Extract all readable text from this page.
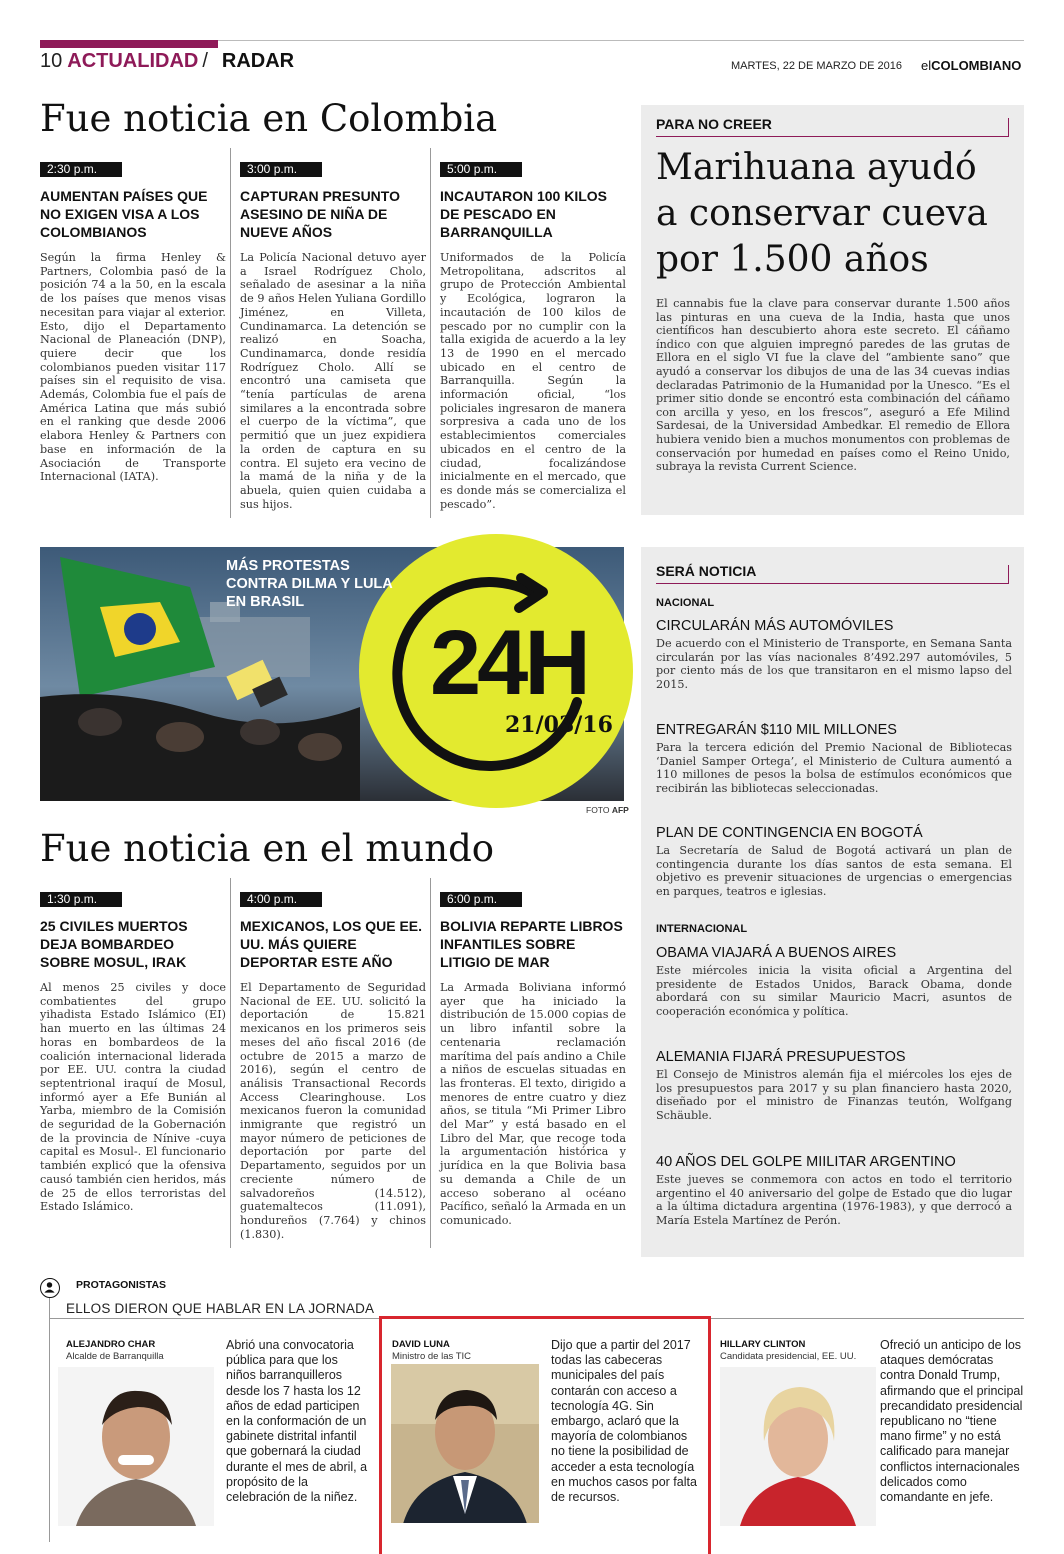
10 ACTUALIDAD / RADAR	MARTES, 22 DE MARZO DE 2016 elCOLOMBIANO
Fue noticia en Colombia
2:30 p.m.
AUMENTAN PAÍSES QUE NO EXIGEN VISA A LOS COLOMBIANOS
Según la firma Henley & Partners, Colombia pasó de la posición 74 a la 50, en la escala de los países que menos visas necesitan para viajar al exterior. Esto, dijo el Departamento Nacional de Planeación (DNP), quiere decir que los colombianos pueden visitar 117 países sin el requisito de visa. Además, Colombia fue el país de América Latina que más subió en el ranking que desde 2006 elabora Henley & Partners con base en información de la Asociación de Transporte Internacional (IATA).
3:00 p.m.
CAPTURAN PRESUNTO ASESINO DE NIÑA DE NUEVE AÑOS
La Policía Nacional detuvo ayer a Israel Rodríguez Cholo, señalado de asesinar a la niña de 9 años Helen Yuliana Gordillo Jiménez, en Villeta, Cundinamarca. La detención se realizó en Soacha, Cundinamarca, donde residía Rodríguez Cholo. Allí se encontró una camiseta que “tenía partículas de arena similares a la encontrada sobre el cuerpo de la víctima”, que permitió que un juez expidiera la orden de captura en su contra. El sujeto era vecino de la mamá de la niña y de la abuela, quien quien cuidaba a sus hijos.
5:00 p.m.
INCAUTARON 100 KILOS DE PESCADO EN BARRANQUILLA
Uniformados de la Policía Metropolitana, adscritos al grupo de Protección Ambiental y Ecológica, lograron la incautación de 100 kilos de pescado por no cumplir con la talla exigida de acuerdo a la ley 13 de 1990 en el mercado ubicado en el centro de Barranquilla. Según la información oficial, “los policiales ingresaron de manera sorpresiva a cada uno de los establecimientos comerciales ubicados en el centro de la ciudad, focalizándose inicialmente en el mercado, que es donde más se comercializa el pescado”.
PARA NO CREER
Marihuana ayudó a conservar cueva por 1.500 años
El cannabis fue la clave para conservar durante 1.500 años las pinturas en una cueva de la India, hasta que unos científicos han descubierto ahora este secreto. El cáñamo índico con que alguien impregnó paredes de las grutas de Ellora en el siglo VI fue la clave del “ambiente sano” que ayudó a conservar los dibujos de una de las 34 cuevas indias declaradas Patrimonio de la Humanidad por la Unesco. “Es el primer sitio donde se encontró esta combinación del cáñamo con arcilla y yeso, en los frescos”, aseguró a Efe Milind Sardesai, de la Universidad Ambedkar. El remedio de Ellora hubiera venido bien a muchos monumentos con problemas de conservación por humedad en países como el Reino Unido, subraya la revista Current Science.
24H
21/03/16
MÁS PROTESTAS CONTRA DILMA Y LULA EN BRASIL
FOTO AFP
SERÁ NOTICIA
NACIONAL
CIRCULARÁN MÁS AUTOMÓVILES
De acuerdo con el Ministerio de Transporte, en Semana Santa circularán por las vías nacionales 8’492.297 automóviles, 5 por ciento más de los que transitaron en el mismo lapso del 2015.
ENTREGARÁN $110 MIL MILLONES
Para la tercera edición del Premio Nacional de Bibliotecas ‘Daniel Samper Ortega’, el Ministerio de Cultura aumentó a 110 millones de pesos la bolsa de estímulos económicos que recibirán las bibliotecas seleccionadas.
PLAN DE CONTINGENCIA EN BOGOTÁ
La Secretaría de Salud de Bogotá activará un plan de contingencia durante los días santos de esta semana. El objetivo es prevenir situaciones de urgencias o emergencias en parques, teatros e iglesias.
INTERNACIONAL
OBAMA VIAJARÁ A BUENOS AIRES
Este miércoles inicia la visita oficial a Argentina del presidente de Estados Unidos, Barack Obama, donde abordará con su similar Mauricio Macri, asuntos de cooperación económica y política.
ALEMANIA FIJARÁ PRESUPUESTOS
El Consejo de Ministros alemán fija el miércoles los ejes de los presupuestos para 2017 y su plan financiero hasta 2020, diseñado por el ministro de Finanzas teutón, Wolfgang Schäuble.
40 AÑOS DEL GOLPE MIILITAR ARGENTINO
Este jueves se conmemora con actos en todo el territorio argentino el 40 aniversario del golpe de Estado que dio lugar a la última dictadura argentina (1976-1983), y que derrocó a María Estela Martínez de Perón.
Fue noticia en el mundo
1:30 p.m.
25 CIVILES MUERTOS DEJA BOMBARDEO SOBRE MOSUL, IRAK
Al menos 25 civiles y doce combatientes del grupo yihadista Estado Islámico (EI) han muerto en las últimas 24 horas en bombardeos de la coalición internacional liderada por EE. UU. contra la ciudad septentrional iraquí de Mosul, informó ayer a Efe Bunián al Yarba, miembro de la Comisión de seguridad de la Gobernación de la provincia de Nínive -cuya capital es Mosul-. El funcionario también explicó que la ofensiva causó también cien heridos, más de 25 de ellos terroristas del Estado Islámico.
4:00 p.m.
MEXICANOS, LOS QUE EE. UU. MÁS QUIERE DEPORTAR ESTE AÑO
El Departamento de Seguridad Nacional de EE. UU. solicitó la deportación de 15.821 mexicanos en los primeros seis meses del año fiscal 2016 (de octubre de 2015 a marzo de 2016), según el centro de análisis Transactional Records Access Clearinghouse. Los mexicanos fueron la comunidad inmigrante que registró un mayor número de peticiones de deportación por parte del Departamento, seguidos por un creciente número de salvadoreños (14.512), guatemaltecos (11.091), hondureños (7.764) y chinos (1.830).
6:00 p.m.
BOLIVIA REPARTE LIBROS INFANTILES SOBRE LITIGIO DE MAR
La Armada Boliviana informó ayer que ha iniciado la distribución de 15.000 copias de un libro infantil sobre la centenaria reclamación marítima del país andino a Chile a niños de escuelas situadas en las fronteras. El texto, dirigido a menores de entre cuatro y diez años, se titula “Mi Primer Libro del Mar” y está basado en el Libro del Mar, que recoge toda la argumentación histórica y jurídica en la que Bolivia basa su demanda a Chile de un acceso soberano al océano Pacífico, señaló la Armada en un comunicado.
PROTAGONISTAS
ELLOS DIERON QUE HABLAR EN LA JORNADA
ALEJANDRO CHAR
Alcalde de Barranquilla
Abrió una convocatoria pública para que los niños barranquilleros desde los 7 hasta los 12 años de edad participen en la conformación de un gabinete distrital infantil que gobernará la ciudad durante el mes de abril, a propósito de la celebración de la niñez.
DAVID LUNA
Ministro de las TIC
Dijo que a partir del 2017 todas las cabeceras municipales del país contarán con acceso a tecnología 4G. Sin embargo, aclaró que la mayoría de colombianos no tiene la posibilidad de acceder a esta tecnología en muchos casos por falta de recursos.
HILLARY CLINTON
Candidata presidencial, EE. UU.
Ofreció un anticipo de los ataques demócratas contra Donald Trump, afirmando que el principal precandidato presidencial republicano no “tiene mano firme” y no está calificado para manejar conflictos internacionales delicados como comandante en jefe.
